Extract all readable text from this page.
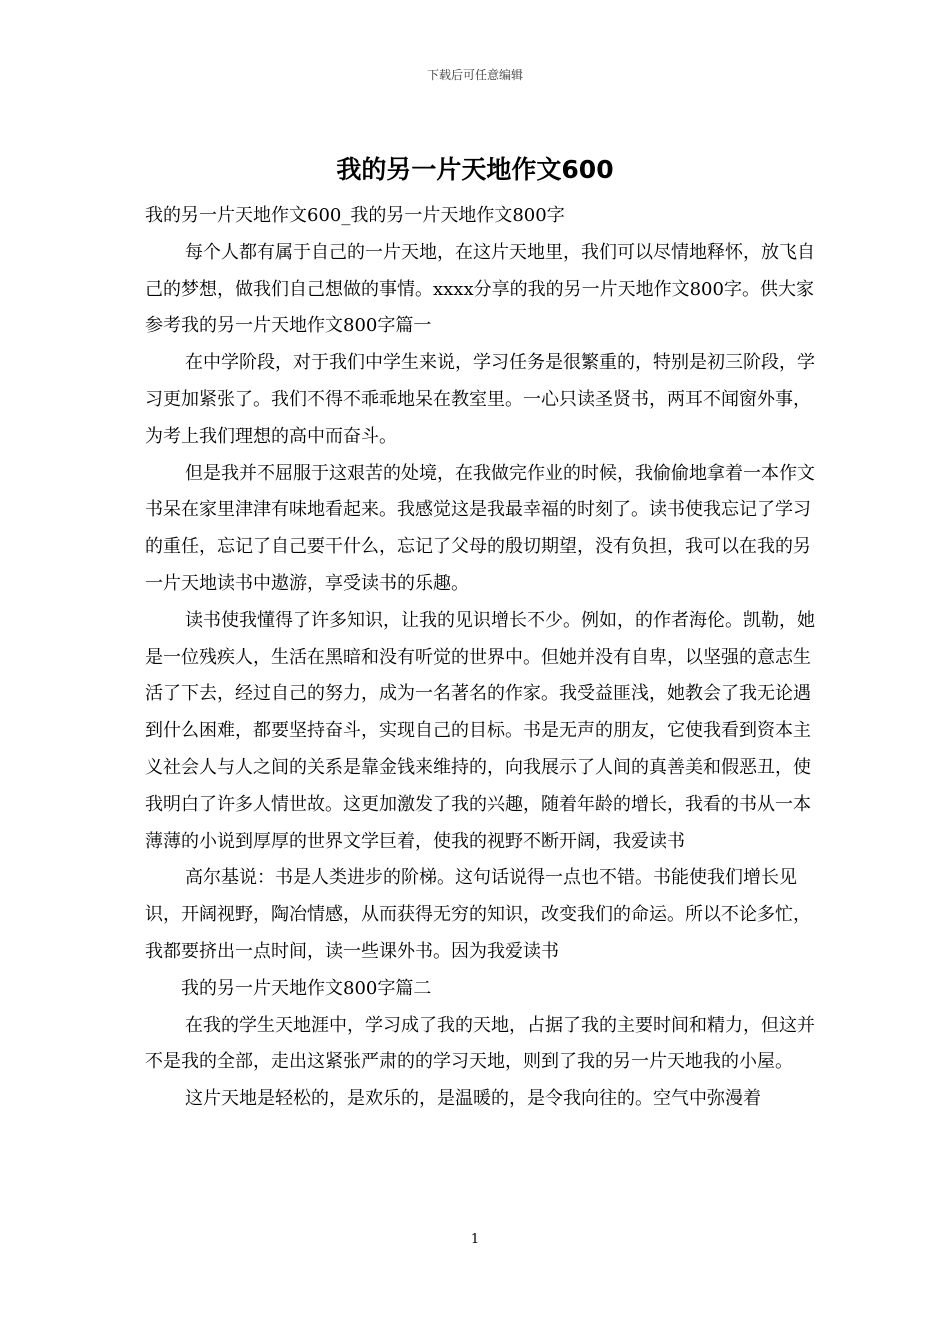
下载后可任意编辑
我的另一片天地作文600

我的另一片天地作文600_我的另一片天地作文800字

每个人都有属于自己的一片天地，在这片天地里，我们可以尽情地释怀，放飞自己的梦想，做我们自己想做的事情。xxxx分享的我的另一片天地作文800字。供大家参考我的另一片天地作文800字篇一

在中学阶段，对于我们中学生来说，学习任务是很繁重的，特别是初三阶段，学习更加紧张了。我们不得不乖乖地呆在教室里。一心只读圣贤书，两耳不闻窗外事，为考上我们理想的高中而奋斗。

但是我并不屈服于这艰苦的处境，在我做完作业的时候，我偷偷地拿着一本作文书呆在家里津津有味地看起来。我感觉这是我最幸福的时刻了。读书使我忘记了学习的重任，忘记了自己要干什么，忘记了父母的殷切期望，没有负担，我可以在我的另一片天地读书中遨游，享受读书的乐趣。

读书使我懂得了许多知识，让我的见识增长不少。例如，的作者海伦。凯勒，她是一位残疾人，生活在黑暗和没有听觉的世界中。但她并没有自卑，以坚强的意志生活了下去，经过自己的努力，成为一名著名的作家。我受益匪浅，她教会了我无论遇到什么困难，都要坚持奋斗，实现自己的目标。书是无声的朋友，它使我看到资本主义社会人与人之间的关系是靠金钱来维持的，向我展示了人间的真善美和假恶丑，使我明白了许多人情世故。这更加激发了我的兴趣，随着年龄的增长，我看的书从一本薄薄的小说到厚厚的世界文学巨着，使我的视野不断开阔，我爱读书

高尔基说：书是人类进步的阶梯。这句话说得一点也不错。书能使我们增长见识，开阔视野，陶冶情感，从而获得无穷的知识，改变我们的命运。所以不论多忙，我都要挤出一点时间，读一些课外书。因为我爱读书

我的另一片天地作文800字篇二

在我的学生天地涯中，学习成了我的天地，占据了我的主要时间和精力，但这并不是我的全部，走出这紧张严肃的的学习天地，则到了我的另一片天地我的小屋。

这片天地是轻松的，是欢乐的，是温暖的，是令我向往的。空气中弥漫着

1
